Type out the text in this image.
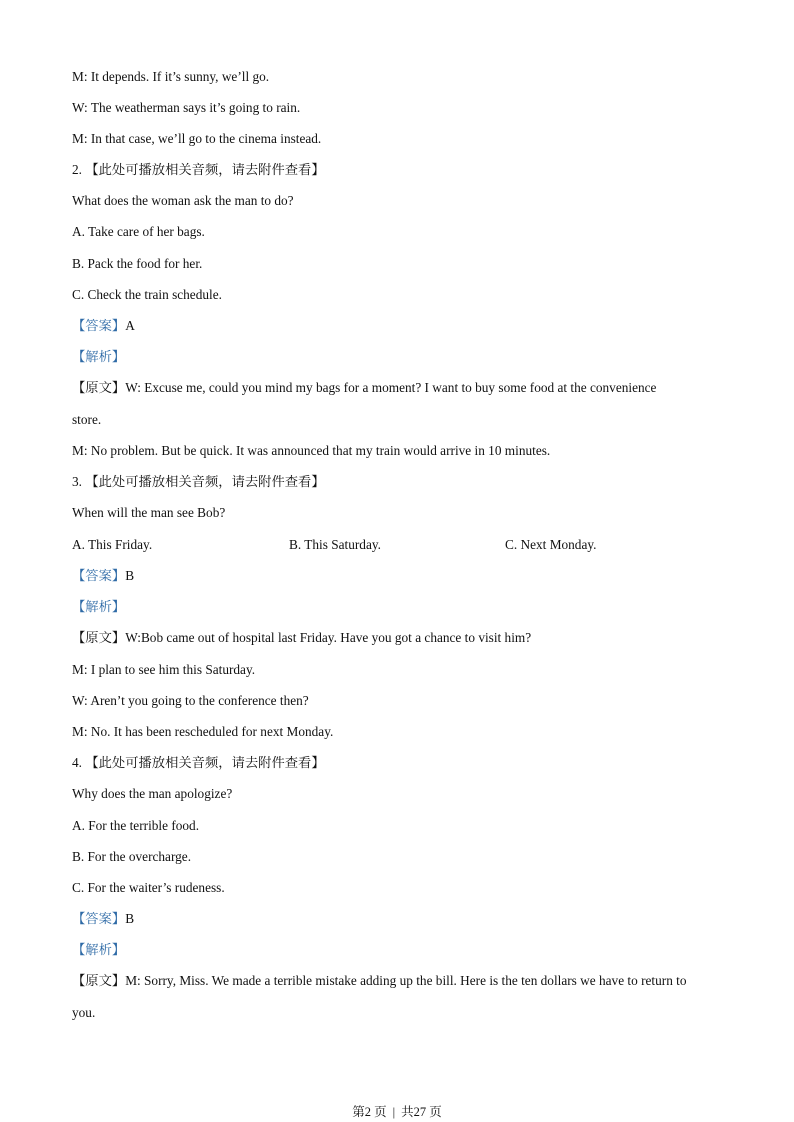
M: It depends. If it’s sunny, we’ll go.
W: The weatherman says it’s going to rain.
M: In that case, we’ll go to the cinema instead.
2. 【此处可播放相关音频，请去附件查看】
What does the woman ask the man to do?
A. Take care of her bags.
B. Pack the food for her.
C. Check the train schedule.
【答案】A
【解析】
【原文】W: Excuse me, could you mind my bags for a moment? I want to buy some food at the convenience
store.
M: No problem. But be quick. It was announced that my train would arrive in 10 minutes.
3. 【此处可播放相关音频，请去附件查看】
When will the man see Bob?
A. This Friday.	B. This Saturday.	C. Next Monday.
【答案】B
【解析】
【原文】W:Bob came out of hospital last Friday. Have you got a chance to visit him?
M: I plan to see him this Saturday.
W: Aren’t you going to the conference then?
M: No. It has been rescheduled for next Monday.
4. 【此处可播放相关音频，请去附件查看】
Why does the man apologize?
A. For the terrible food.
B. For the overcharge.
C. For the waiter’s rudeness.
【答案】B
【解析】
【原文】M: Sorry, Miss. We made a terrible mistake adding up the bill. Here is the ten dollars we have to return to
you.
第2 页 | 共27 页
